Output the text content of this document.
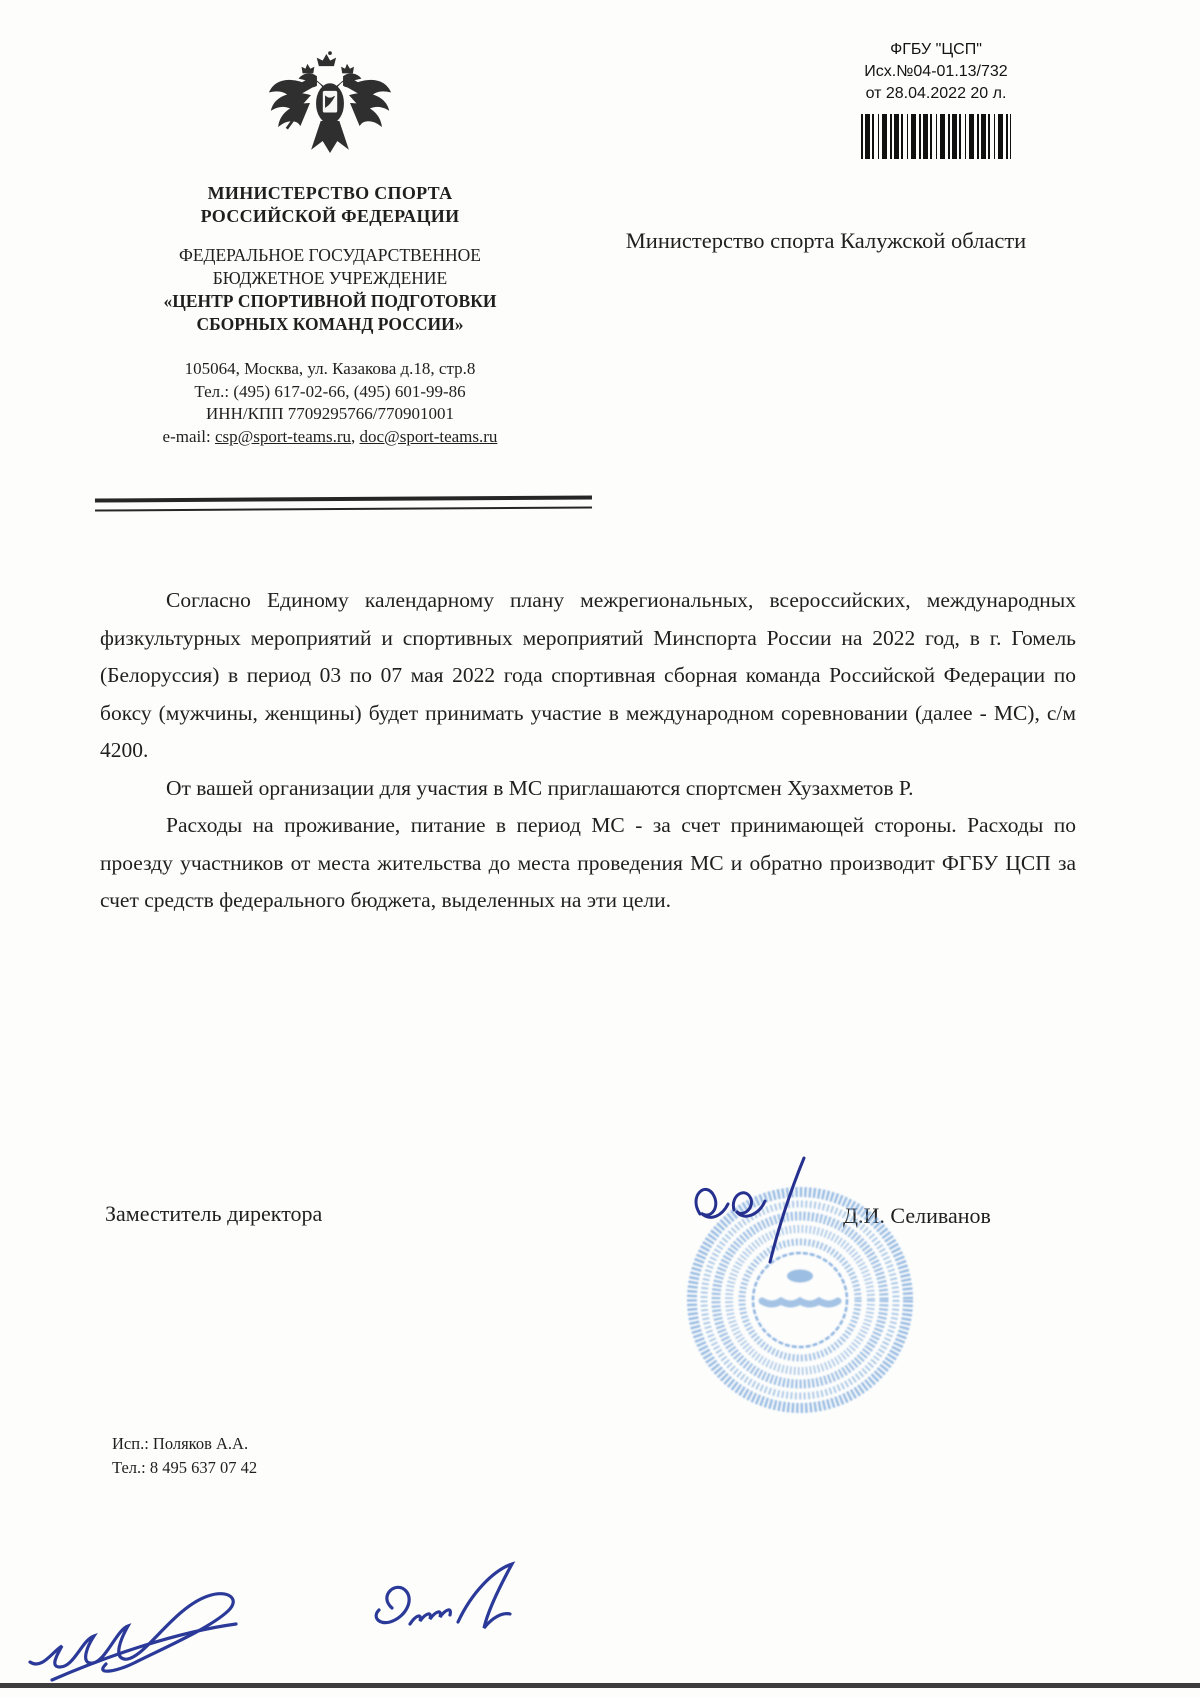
МИНИСТЕРСТВО СПОРТА
РОССИЙСКОЙ ФЕДЕРАЦИИ
ФЕДЕРАЛЬНОЕ ГОСУДАРСТВЕННОЕ
БЮДЖЕТНОЕ УЧРЕЖДЕНИЕ
«ЦЕНТР СПОРТИВНОЙ ПОДГОТОВКИ
СБОРНЫХ КОМАНД РОССИИ»
105064, Москва, ул. Казакова д.18, стр.8
Тел.: (495) 617-02-66, (495) 601-99-86
ИНН/КПП 7709295766/770901001
e-mail: csp@sport-teams.ru, doc@sport-teams.ru
ФГБУ "ЦСП"
Исх.№04-01.13/732
от 28.04.2022 20 л.
Министерство спорта Калужской области

Согласно Единому календарному плану межрегиональных, всероссийских, международных физкультурных мероприятий и спортивных мероприятий Минспорта России на 2022 год, в г. Гомель (Белоруссия) в период 03 по 07 мая 2022 года спортивная сборная команда Российской Федерации по боксу (мужчины, женщины) будет принимать участие в международном соревновании (далее - МС), с/м 4200.

От вашей организации для участия в МС приглашаются спортсмен Хузахметов Р.

Расходы на проживание, питание в период МС - за счет принимающей стороны. Расходы по проезду участников от места жительства до места проведения МС и обратно производит ФГБУ ЦСП за счет средств федерального бюджета, выделенных на эти цели.

Заместитель директора	Д.И. Селиванов
Исп.: Поляков А.А.
Тел.: 8 495 637 07 42
